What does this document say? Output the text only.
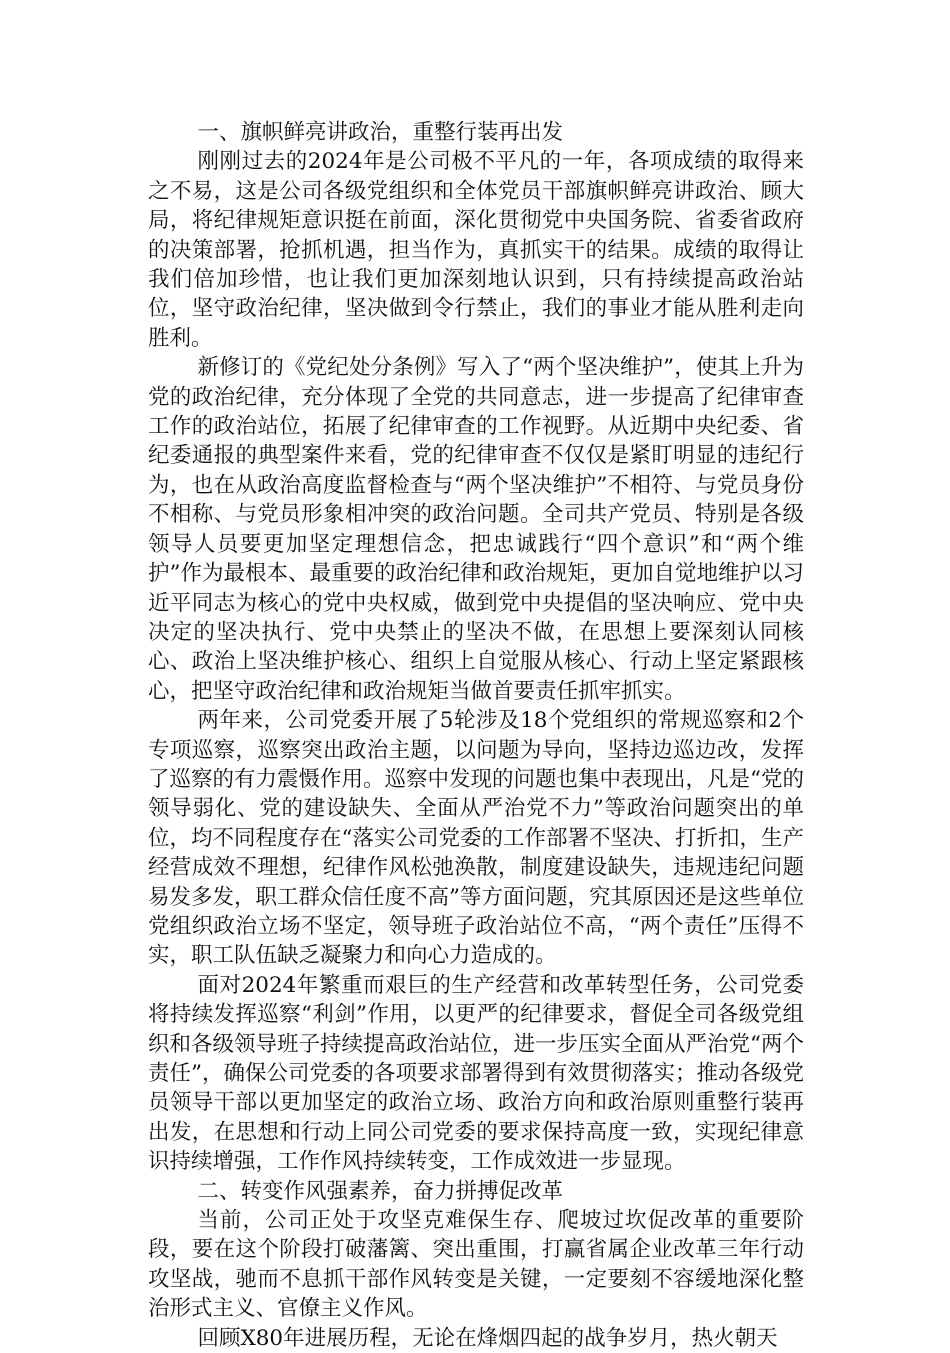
一、旗帜鲜亮讲政治，重整行装再出发

刚刚过去的2024年是公司极不平凡的一年，各项成绩的取得来之不易，这是公司各级党组织和全体党员干部旗帜鲜亮讲政治、顾大局，将纪律规矩意识挺在前面，深化贯彻党中央国务院、省委省政府的决策部署，抢抓机遇，担当作为，真抓实干的结果。成绩的取得让我们倍加珍惜，也让我们更加深刻地认识到，只有持续提高政治站位，坚守政治纪律，坚决做到令行禁止，我们的事业才能从胜利走向胜利。

新修订的《党纪处分条例》写入了“两个坚决维护”，使其上升为党的政治纪律，充分体现了全党的共同意志，进一步提高了纪律审查工作的政治站位，拓展了纪律审查的工作视野。从近期中央纪委、省纪委通报的典型案件来看，党的纪律审查不仅仅是紧盯明显的违纪行为，也在从政治高度监督检查与“两个坚决维护”不相符、与党员身份不相称、与党员形象相冲突的政治问题。全司共产党员、特别是各级领导人员要更加坚定理想信念，把忠诚践行“四个意识”和“两个维护”作为最根本、最重要的政治纪律和政治规矩，更加自觉地维护以习近平同志为核心的党中央权威，做到党中央提倡的坚决响应、党中央决定的坚决执行、党中央禁止的坚决不做，在思想上要深刻认同核心、政治上坚决维护核心、组织上自觉服从核心、行动上坚定紧跟核心，把坚守政治纪律和政治规矩当做首要责任抓牢抓实。

两年来，公司党委开展了5轮涉及18个党组织的常规巡察和2个专项巡察，巡察突出政治主题，以问题为导向，坚持边巡边改，发挥了巡察的有力震慑作用。巡察中发现的问题也集中表现出，凡是“党的领导弱化、党的建设缺失、全面从严治党不力”等政治问题突出的单位，均不同程度存在“落实公司党委的工作部署不坚决、打折扣，生产经营成效不理想，纪律作风松弛涣散，制度建设缺失，违规违纪问题易发多发，职工群众信任度不高”等方面问题，究其原因还是这些单位党组织政治立场不坚定，领导班子政治站位不高，“两个责任”压得不实，职工队伍缺乏凝聚力和向心力造成的。

面对2024年繁重而艰巨的生产经营和改革转型任务，公司党委将持续发挥巡察“利剑”作用，以更严的纪律要求，督促全司各级党组织和各级领导班子持续提高政治站位，进一步压实全面从严治党“两个责任”，确保公司党委的各项要求部署得到有效贯彻落实；推动各级党员领导干部以更加坚定的政治立场、政治方向和政治原则重整行装再出发，在思想和行动上同公司党委的要求保持高度一致，实现纪律意识持续增强，工作作风持续转变，工作成效进一步显现。

二、转变作风强素养，奋力拼搏促改革

当前，公司正处于攻坚克难保生存、爬坡过坎促改革的重要阶段，要在这个阶段打破藩篱、突出重围，打赢省属企业改革三年行动攻坚战，驰而不息抓干部作风转变是关键，一定要刻不容缓地深化整治形式主义、官僚主义作风。

回顾X80年进展历程，无论在烽烟四起的战争岁月，热火朝天
